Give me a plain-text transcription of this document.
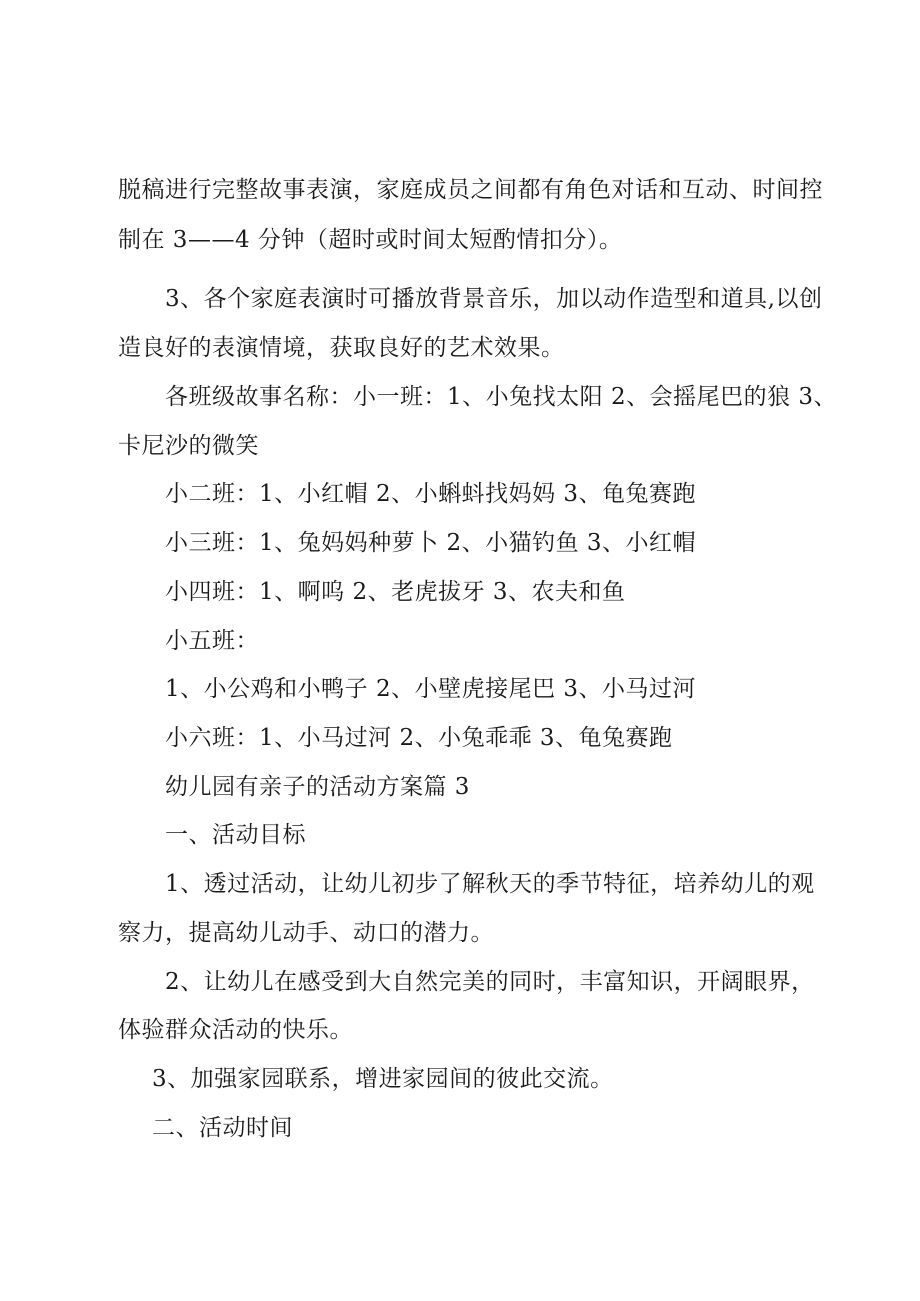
脱稿进行完整故事表演，家庭成员之间都有角色对话和互动、时间控

制在 3——4 分钟（超时或时间太短酌情扣分）。

3、各个家庭表演时可播放背景音乐，加以动作造型和道具,以创

造良好的表演情境，获取良好的艺术效果。

各班级故事名称：小一班：1、小兔找太阳 2、会摇尾巴的狼 3、

卡尼沙的微笑

小二班：1、小红帽 2、小蝌蚪找妈妈 3、龟兔赛跑

小三班：1、兔妈妈种萝卜 2、小猫钓鱼 3、小红帽

小四班：1、啊呜 2、老虎拔牙 3、农夫和鱼

小五班：

1、小公鸡和小鸭子 2、小壁虎接尾巴 3、小马过河

小六班：1、小马过河 2、小兔乖乖 3、龟兔赛跑

幼儿园有亲子的活动方案篇 3

一、活动目标

1、透过活动，让幼儿初步了解秋天的季节特征，培养幼儿的观

察力，提高幼儿动手、动口的潜力。

2、让幼儿在感受到大自然完美的同时，丰富知识，开阔眼界，

体验群众活动的快乐。

3、加强家园联系，增进家园间的彼此交流。

二、活动时间
